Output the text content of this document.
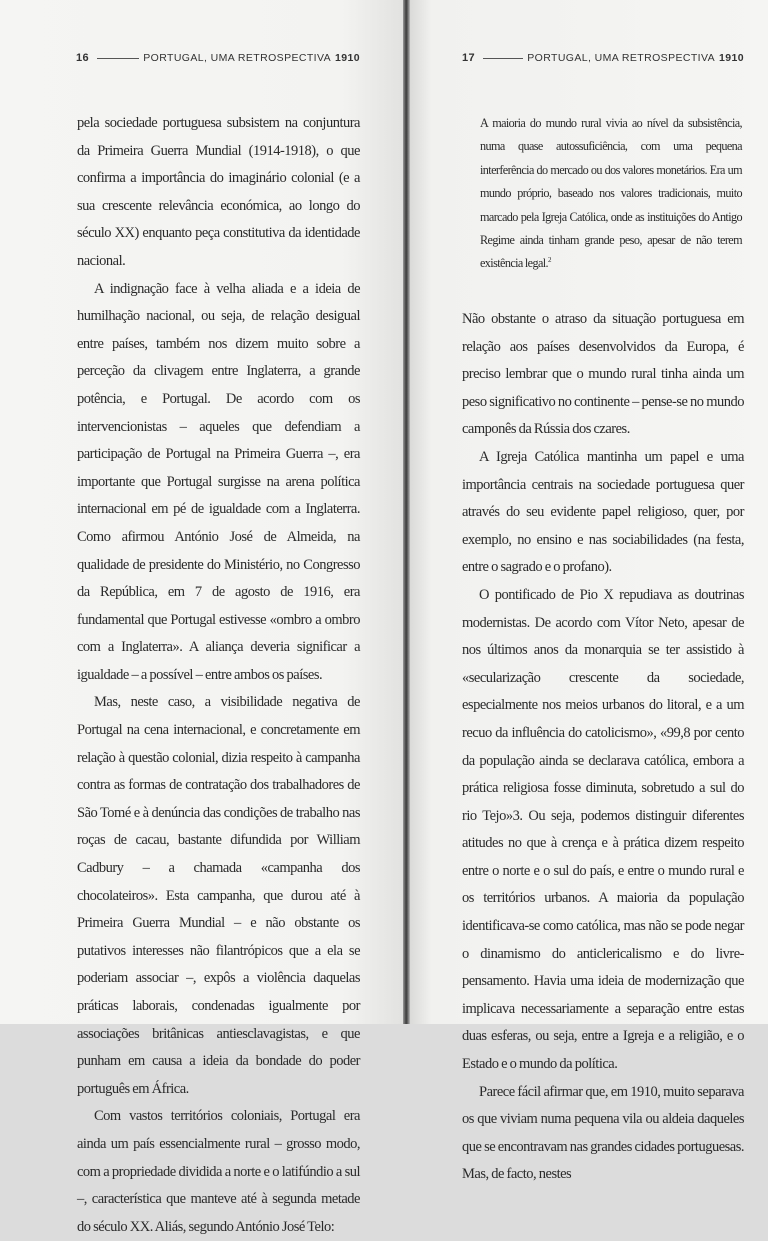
16	PORTUGAL, UMA RETROSPECTIVA 1910

pela sociedade portuguesa subsistem na conjuntura da Primeira Guerra Mundial (1914-1918), o que confirma a importância do imaginário colonial (e a sua crescente relevância económica, ao longo do século XX) enquanto peça constitutiva da identidade nacional.

A indignação face à velha aliada e a ideia de humilhação nacional, ou seja, de relação desigual entre países, também nos dizem muito sobre a perceção da clivagem entre Inglaterra, a grande potência, e Portugal. De acordo com os intervencionistas – aqueles que defendiam a participação de Portugal na Primeira Guerra –, era importante que Portugal surgisse na arena política internacional em pé de igualdade com a Inglaterra. Como afirmou António José de Almeida, na qualidade de presidente do Ministério, no Congresso da República, em 7 de agosto de 1916, era fundamental que Portugal estivesse «ombro a ombro com a Inglaterra». A aliança deveria significar a igualdade – a possível – entre ambos os países.

Mas, neste caso, a visibilidade negativa de Portugal na cena internacional, e concretamente em relação à questão colonial, dizia respeito à campanha contra as formas de contratação dos trabalhadores de São Tomé e à denúncia das condições de trabalho nas roças de cacau, bastante difundida por William Cadbury – a chamada «campanha dos chocolateiros». Esta campanha, que durou até à Primeira Guerra Mundial – e não obstante os putativos interesses não filantrópicos que a ela se poderiam associar –, expôs a violência daquelas práticas laborais, condenadas igualmente por associações britânicas antiesclavagistas, e que punham em causa a ideia da bondade do poder português em África.

Com vastos territórios coloniais, Portugal era ainda um país essencialmente rural – grosso modo, com a propriedade dividida a norte e o latifúndio a sul –, característica que manteve até à segunda metade do século XX. Aliás, segundo António José Telo:

17	PORTUGAL, UMA RETROSPECTIVA 1910

A maioria do mundo rural vivia ao nível da subsistência, numa quase autossuficiência, com uma pequena interferência do mercado ou dos valores monetários. Era um mundo próprio, baseado nos valores tradicionais, muito marcado pela Igreja Católica, onde as instituições do Antigo Regime ainda tinham grande peso, apesar de não terem existência legal.$^2$

Não obstante o atraso da situação portuguesa em relação aos países desenvolvidos da Europa, é preciso lembrar que o mundo rural tinha ainda um peso significativo no continente – pense-se no mundo camponês da Rússia dos czares.

A Igreja Católica mantinha um papel e uma importância centrais na sociedade portuguesa quer através do seu evidente papel religioso, quer, por exemplo, no ensino e nas sociabilidades (na festa, entre o sagrado e o profano).

O pontificado de Pio X repudiava as doutrinas modernistas. De acordo com Vítor Neto, apesar de nos últimos anos da monarquia se ter assistido à «secularização crescente da sociedade, especialmente nos meios urbanos do litoral, e a um recuo da influência do catolicismo», «99,8 por cento da população ainda se declarava católica, embora a prática religiosa fosse diminuta, sobretudo a sul do rio Tejo»3. Ou seja, podemos distinguir diferentes atitudes no que à crença e à prática dizem respeito entre o norte e o sul do país, e entre o mundo rural e os territórios urbanos. A maioria da população identificava-se como católica, mas não se pode negar o dinamismo do anticlericalismo e do livre-pensamento. Havia uma ideia de modernização que implicava necessariamente a separação entre estas duas esferas, ou seja, entre a Igreja e a religião, e o Estado e o mundo da política.

Parece fácil afirmar que, em 1910, muito separava os que viviam numa pequena vila ou aldeia daqueles que se encontravam nas grandes cidades portuguesas. Mas, de facto, nestes
